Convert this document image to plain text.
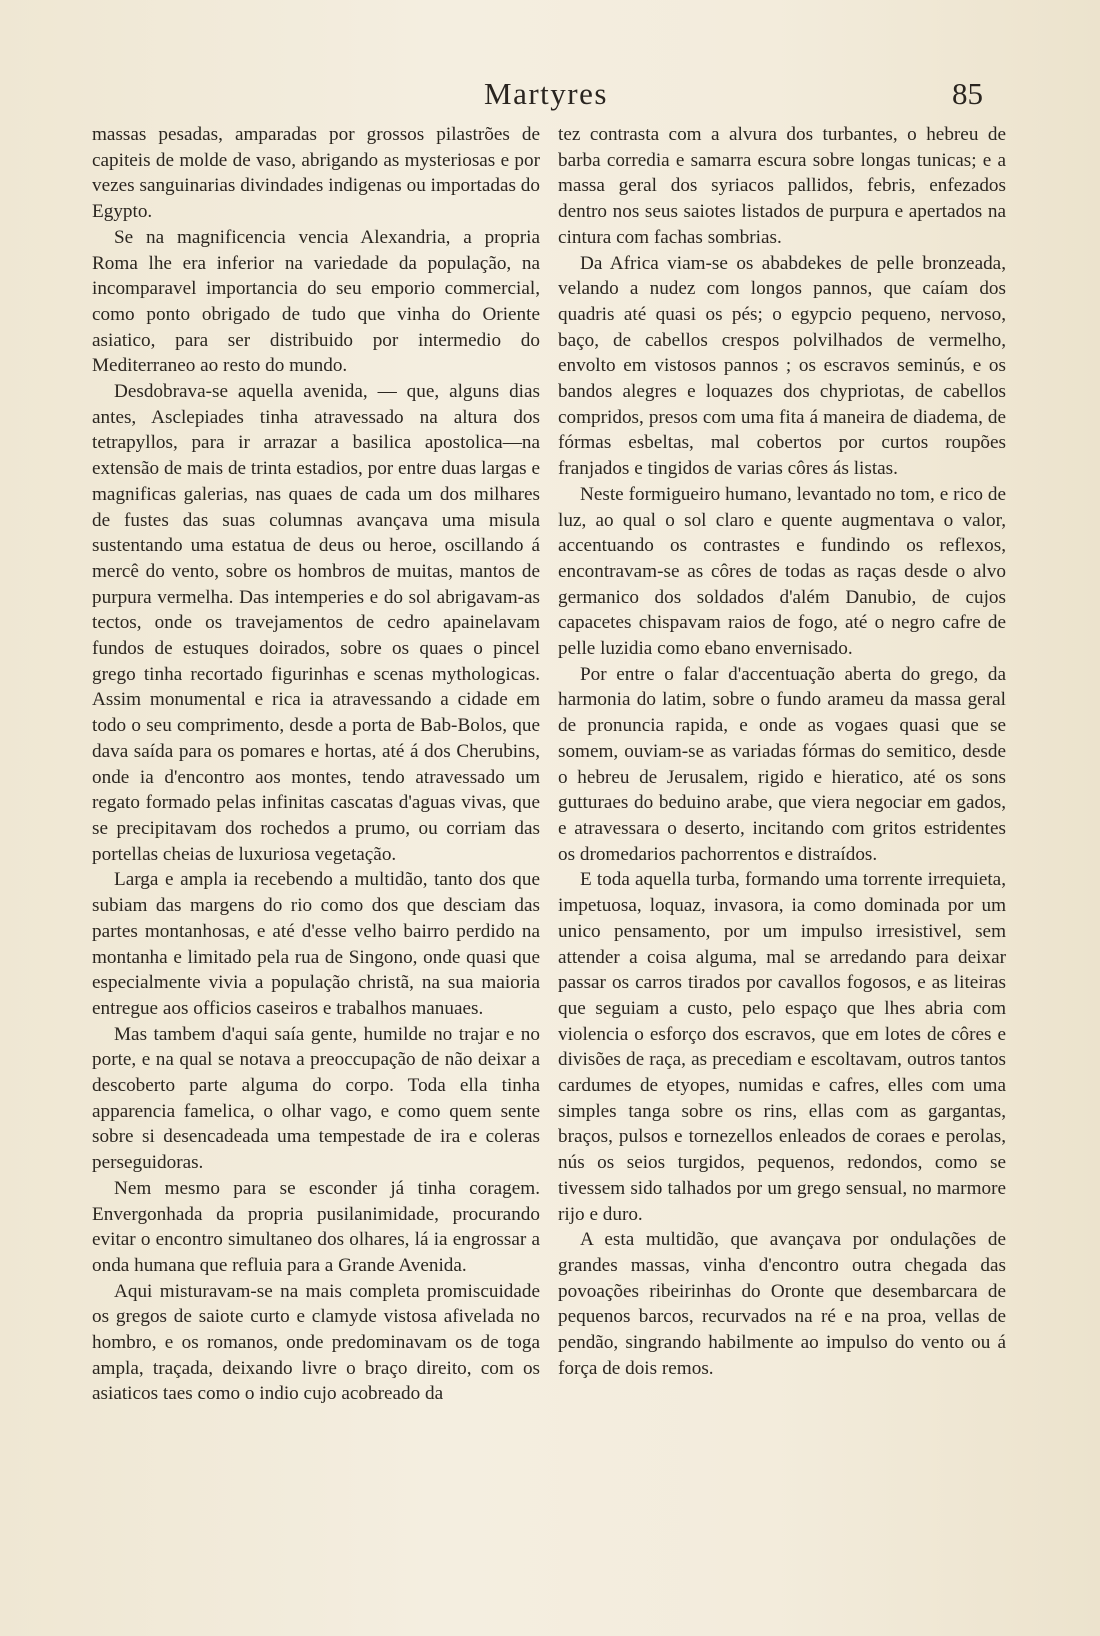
Martyres	85

massas pesadas, amparadas por grossos pilastrões de capiteis de molde de vaso, abrigando as mysteriosas e por vezes sanguinarias divindades indigenas ou importadas do Egypto.

Se na magnificencia vencia Alexandria, a propria Roma lhe era inferior na variedade da população, na incomparavel importancia do seu emporio commercial, como ponto obrigado de tudo que vinha do Oriente asiatico, para ser distribuido por intermedio do Mediterraneo ao resto do mundo.

Desdobrava-se aquella avenida, — que, alguns dias antes, Asclepiades tinha atravessado na altura dos tetrapyllos, para ir arrazar a basilica apostolica—na extensão de mais de trinta estadios, por entre duas largas e magnificas galerias, nas quaes de cada um dos milhares de fustes das suas columnas avançava uma misula sustentando uma estatua de deus ou heroe, oscillando á mercê do vento, sobre os hombros de muitas, mantos de purpura vermelha. Das intemperies e do sol abrigavam-as tectos, onde os travejamentos de cedro apainelavam fundos de estuques doirados, sobre os quaes o pincel grego tinha recortado figurinhas e scenas mythologicas. Assim monumental e rica ia atravessando a cidade em todo o seu comprimento, desde a porta de Bab-Bolos, que dava saída para os pomares e hortas, até á dos Cherubins, onde ia d'encontro aos montes, tendo atravessado um regato formado pelas infinitas cascatas d'aguas vivas, que se precipitavam dos rochedos a prumo, ou corriam das portellas cheias de luxuriosa vegetação.

Larga e ampla ia recebendo a multidão, tanto dos que subiam das margens do rio como dos que desciam das partes montanhosas, e até d'esse velho bairro perdido na montanha e limitado pela rua de Singono, onde quasi que especialmente vivia a população christã, na sua maioria entregue aos officios caseiros e trabalhos manuaes.

Mas tambem d'aqui saía gente, humilde no trajar e no porte, e na qual se notava a preoccupação de não deixar a descoberto parte alguma do corpo. Toda ella tinha apparencia famelica, o olhar vago, e como quem sente sobre si desencadeada uma tempestade de ira e coleras perseguidoras.

Nem mesmo para se esconder já tinha coragem. Envergonhada da propria pusilanimidade, procurando evitar o encontro simultaneo dos olhares, lá ia engrossar a onda humana que refluia para a Grande Avenida.

Aqui misturavam-se na mais completa promiscuidade os gregos de saiote curto e clamyde vistosa afivelada no hombro, e os romanos, onde predominavam os de toga ampla, traçada, deixando livre o braço direito, com os asiaticos taes como o indio cujo acobreado da

tez contrasta com a alvura dos turbantes, o hebreu de barba corredia e samarra escura sobre longas tunicas; e a massa geral dos syriacos pallidos, febris, enfezados dentro nos seus saiotes listados de purpura e apertados na cintura com fachas sombrias.

Da Africa viam-se os ababdekes de pelle bronzeada, velando a nudez com longos pannos, que caíam dos quadris até quasi os pés; o egypcio pequeno, nervoso, baço, de cabellos crespos polvilhados de vermelho, envolto em vistosos pannos ; os escravos seminús, e os bandos alegres e loquazes dos chypriotas, de cabellos compridos, presos com uma fita á maneira de diadema, de fórmas esbeltas, mal cobertos por curtos roupões franjados e tingidos de varias côres ás listas.

Neste formigueiro humano, levantado no tom, e rico de luz, ao qual o sol claro e quente augmentava o valor, accentuando os contrastes e fundindo os reflexos, encontravam-se as côres de todas as raças desde o alvo germanico dos soldados d'além Danubio, de cujos capacetes chispavam raios de fogo, até o negro cafre de pelle luzidia como ebano envernisado.

Por entre o falar d'accentuação aberta do grego, da harmonia do latim, sobre o fundo arameu da massa geral de pronuncia rapida, e onde as vogaes quasi que se somem, ouviam-se as variadas fórmas do semitico, desde o hebreu de Jerusalem, rigido e hieratico, até os sons gutturaes do beduino arabe, que viera negociar em gados, e atravessara o deserto, incitando com gritos estridentes os dromedarios pachorrentos e distraídos.

E toda aquella turba, formando uma torrente irrequieta, impetuosa, loquaz, invasora, ia como dominada por um unico pensamento, por um impulso irresistivel, sem attender a coisa alguma, mal se arredando para deixar passar os carros tirados por cavallos fogosos, e as liteiras que seguiam a custo, pelo espaço que lhes abria com violencia o esforço dos escravos, que em lotes de côres e divisões de raça, as precediam e escoltavam, outros tantos cardumes de etyopes, numidas e cafres, elles com uma simples tanga sobre os rins, ellas com as gargantas, braços, pulsos e tornezellos enleados de coraes e perolas, nús os seios turgidos, pequenos, redondos, como se tivessem sido talhados por um grego sensual, no marmore rijo e duro.

A esta multidão, que avançava por ondulações de grandes massas, vinha d'encontro outra chegada das povoações ribeirinhas do Oronte que desembarcara de pequenos barcos, recurvados na ré e na proa, vellas de pendão, singrando habilmente ao impulso do vento ou á força de dois remos.
